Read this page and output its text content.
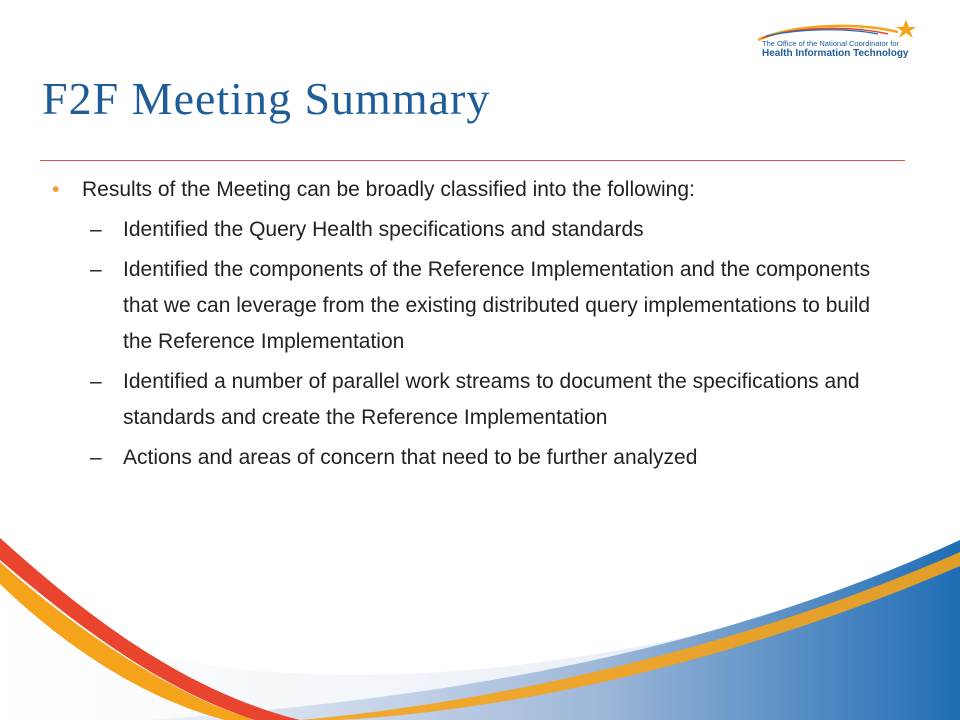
The Office of the National Coordinator for
Health Information Technology
F2F Meeting Summary
•	Results of the Meeting can be broadly classified into the following:
–	Identified the Query Health specifications and standards
–	Identified the components of the Reference Implementation and the components that we can leverage from the existing distributed query implementations to build the Reference Implementation
–	Identified a number of parallel work streams to document the specifications and standards and create the Reference Implementation
–	Actions and areas of concern that need to be further analyzed
